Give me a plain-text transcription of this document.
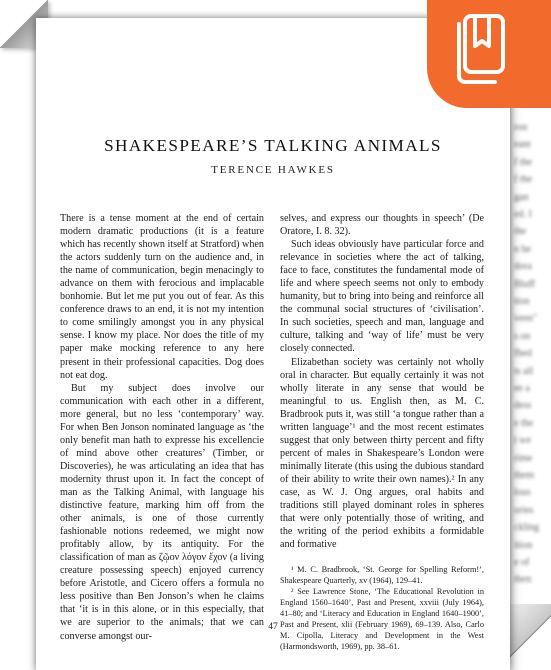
ron
eant
f the
f the
gan
ed. I
the
n he
dora
Bluff
tion
veen"
s on
fhed
ts all
ee a
dess
e the
t we
rime
them
lous
ories
ckling
ition
e of
then
SHAKESPEARE’S TALKING ANIMALS
TERENCE HAWKES

There is a tense moment at the end of certain modern dramatic productions (it is a feature which has recently shown itself at Stratford) when the actors suddenly turn on the audience and, in the name of communication, begin menacingly to advance on them with ferocious and implacable bonhomie. But let me put you out of fear. As this conference draws to an end, it is not my intention to come smilingly amongst you in any physical sense. I know my place. Nor does the title of my paper make mocking reference to any here present in their professional capacities. Dog does not eat dog.

But my subject does involve our communication with each other in a different, more general, but no less ‘contemporary’ way. For when Ben Jonson nominated language as ‘the only benefit man hath to expresse his excellencie of mind above other creatures’ (Timber, or Discoveries), he was articulating an idea that has modernity thrust upon it. In fact the concept of man as the Talking Animal, with language his distinctive feature, marking him off from the other animals, is one of those currently fashionable notions redeemed, we might now profitably allow, by its antiquity. For the classification of man as ζῷον λόγον ἔχον (a living creature possessing speech) enjoyed currency before Aristotle, and Cicero offers a formula no less positive than Ben Jonson’s when he claims that ‘it is in this alone, or in this especially, that we are superior to the animals; that we can converse amongst our-

selves, and express our thoughts in speech’ (De Oratore, I. 8. 32).

Such ideas obviously have particular force and relevance in societies where the act of talking, face to face, constitutes the fundamental mode of life and where speech seems not only to embody humanity, but to bring into being and reinforce all the communal social structures of ‘civilisation’. In such societies, speech and man, language and culture, talking and ‘way of life’ must be very closely connected.

Elizabethan society was certainly not wholly oral in character. But equally certainly it was not wholly literate in any sense that would be meaningful to us. English then, as M. C. Bradbrook puts it, was still ‘a tongue rather than a written language’¹ and the most recent estimates suggest that only between thirty percent and fifty percent of males in Shakespeare’s London were minimally literate (this using the dubious standard of their ability to write their own names).² In any case, as W. J. Ong argues, oral habits and traditions still played dominant roles in spheres that were only potentially those of writing, and the writing of the period exhibits a formidable and formative

¹ M. C. Bradbrook, ‘St. George for Spelling Reform!’, Shakespeare Quarterly, xv (1964), 129–41.

² See Lawrence Stone, ‘The Educational Revolution in England 1560–1640’, Past and Present, xxviii (July 1964), 41–80; and ‘Literacy and Education in England 1640–1900’, Past and Present, xlii (February 1969), 69–139. Also, Carlo M. Cipolla, Literacy and Development in the West (Harmondsworth, 1969), pp. 38–61.

47
